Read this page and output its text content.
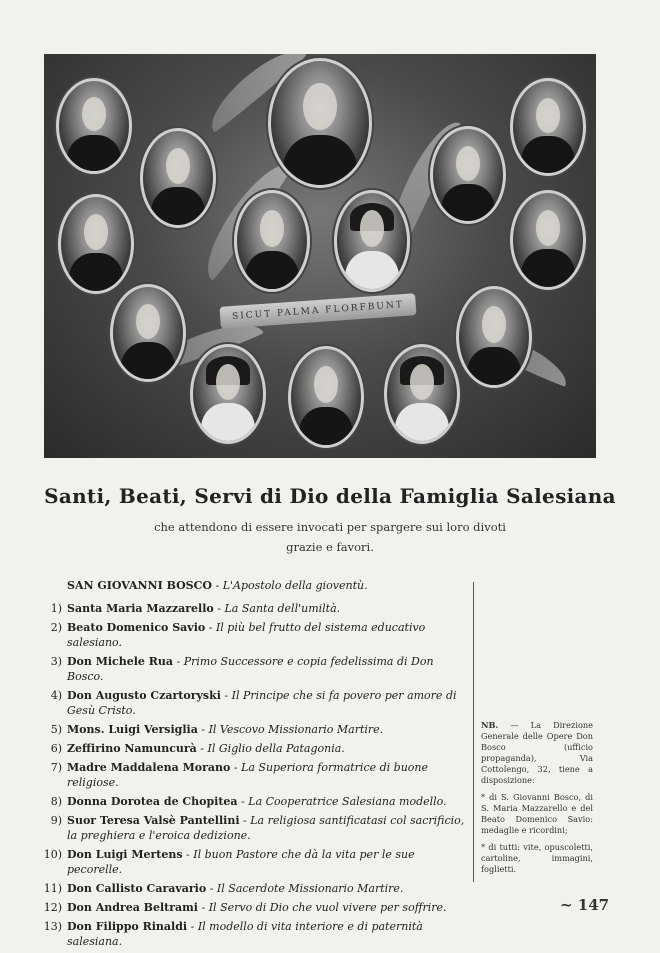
SICUT PALMA FLORFBUNT
Santi, Beati, Servi di Dio della Famiglia Salesiana
che attendono di essere invocati per spargere sui loro divoti
grazie e favori.
SAN GIOVANNI BOSCO - L'Apostolo della gioventù.
1) Santa Maria Mazzarello - La Santa dell'umiltà.
2) Beato Domenico Savio - Il più bel frutto del sistema educativo salesiano.
3) Don Michele Rua - Primo Successore e copia fedelissima di Don Bosco.
4) Don Augusto Czartoryski - Il Principe che si fa povero per amore di Gesù Cristo.
5) Mons. Luigi Versiglia - Il Vescovo Missionario Martire.
6) Zeffirino Namuncurà - Il Giglio della Patagonia.
7) Madre Maddalena Morano - La Superiora formatrice di buone religiose.
8) Donna Dorotea de Chopitea - La Cooperatrice Salesiana modello.
9) Suor Teresa Valsè Pantellini - La religiosa santificatasi col sacrificio, la preghiera e l'eroica dedizione.
10) Don Luigi Mertens - Il buon Pastore che dà la vita per le sue pecorelle.
11) Don Callisto Caravario - Il Sacerdote Missionario Martire.
12) Don Andrea Beltrami - Il Servo di Dio che vuol vivere per soffrire.
13) Don Filippo Rinaldi - Il modello di vita interiore e di paternità salesiana.

NB. — La Direzione Generale delle Opere Don Bosco (ufficio propaganda), Via Cottolengo, 32, tiene a disposizione:

* di S. Giovanni Bosco, di S. Maria Mazzarello e del Beato Domenico Savio: medaglie e ricordini;

* di tutti: vite, opuscoletti, cartoline, immagini, foglietti.

~ 147
